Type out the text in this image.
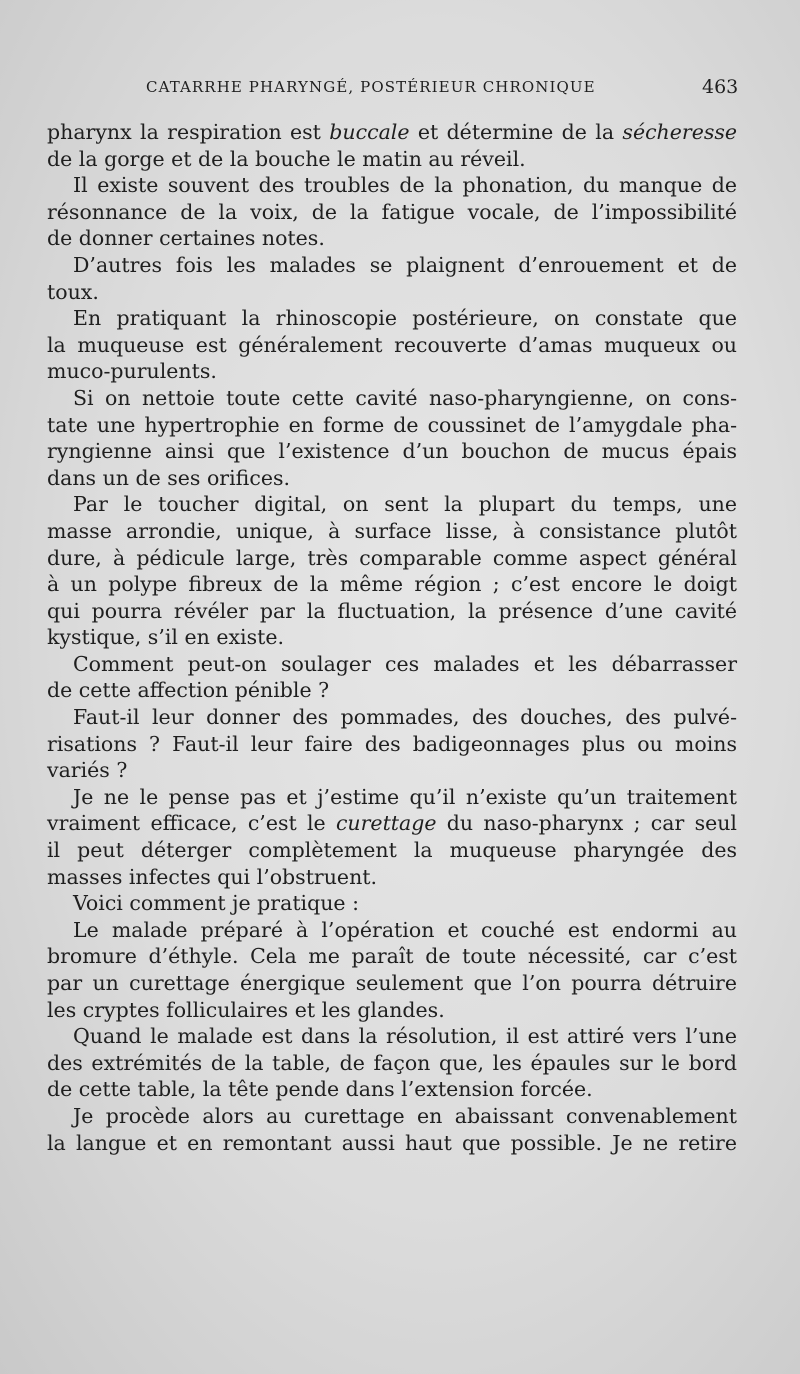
CATARRHE PHARYNGÉ, POSTÉRIEUR CHRONIQUE	463
pharynx la respiration est buccale et détermine de la sécheresse
de la gorge et de la bouche le matin au réveil.
Il existe souvent des troubles de la phonation, du manque de
résonnance de la voix, de la fatigue vocale, de l’impossibilité
de donner certaines notes.
D’autres fois les malades se plaignent d’enrouement et de
toux.
En pratiquant la rhinoscopie postérieure, on constate que
la muqueuse est généralement recouverte d’amas muqueux ou
muco-purulents.
Si on nettoie toute cette cavité naso-pharyngienne, on cons-
tate une hypertrophie en forme de coussinet de l’amygdale pha-
ryngienne ainsi que l’existence d’un bouchon de mucus épais
dans un de ses orifices.
Par le toucher digital, on sent la plupart du temps, une
masse arrondie, unique, à surface lisse, à consistance plutôt
dure, à pédicule large, très comparable comme aspect général
à un polype fibreux de la même région ; c’est encore le doigt
qui pourra révéler par la fluctuation, la présence d’une cavité
kystique, s’il en existe.
Comment peut-on soulager ces malades et les débarrasser
de cette affection pénible ?
Faut-il leur donner des pommades, des douches, des pulvé-
risations ? Faut-il leur faire des badigeonnages plus ou moins
variés ?
Je ne le pense pas et j’estime qu’il n’existe qu’un traitement
vraiment efficace, c’est le curettage du naso-pharynx ; car seul
il peut déterger complètement la muqueuse pharyngée des
masses infectes qui l’obstruent.
Voici comment je pratique :
Le malade préparé à l’opération et couché est endormi au
bromure d’éthyle. Cela me paraît de toute nécessité, car c’est
par un curettage énergique seulement que l’on pourra détruire
les cryptes folliculaires et les glandes.
Quand le malade est dans la résolution, il est attiré vers l’une
des extrémités de la table, de façon que, les épaules sur le bord
de cette table, la tête pende dans l’extension forcée.
Je procède alors au curettage en abaissant convenablement
la langue et en remontant aussi haut que possible. Je ne retire
